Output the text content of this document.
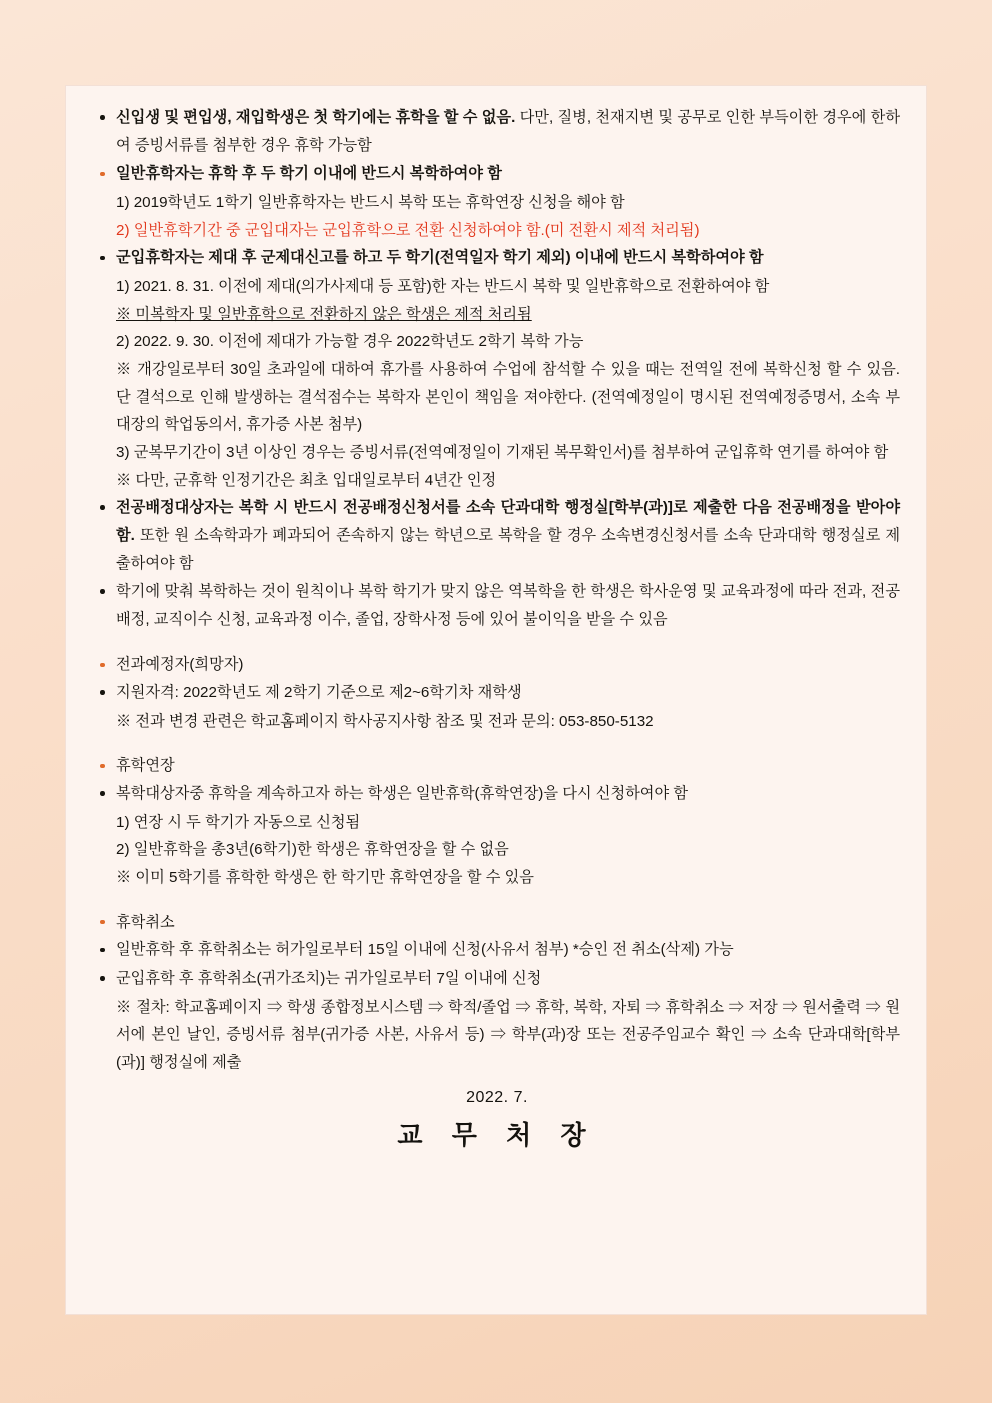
신입생 및 편입생, 재입학생은 첫 학기에는 휴학을 할 수 없음. 다만, 질병, 천재지변 및 공무로 인한 부득이한 경우에 한하여 증빙서류를 첨부한 경우 휴학 가능함
일반휴학자는 휴학 후 두 학기 이내에 반드시 복학하여야 함
1) 2019학년도 1학기 일반휴학자는 반드시 복학 또는 휴학연장 신청을 해야 함
2) 일반휴학기간 중 군입대자는 군입휴학으로 전환 신청하여야 함.(미 전환시 제적 처리됨)
군입휴학자는 제대 후 군제대신고를 하고 두 학기(전역일자 학기 제외) 이내에 반드시 복학하여야 함
1) 2021. 8. 31. 이전에 제대(의가사제대 등 포함)한 자는 반드시 복학 및 일반휴학으로 전환하여야 함
※ 미복학자 및 일반휴학으로 전환하지 않은 학생은 제적 처리됨
2) 2022. 9. 30. 이전에 제대가 가능할 경우 2022학년도 2학기 복학 가능
※ 개강일로부터 30일 초과일에 대하여 휴가를 사용하여 수업에 참석할 수 있을 때는 전역일 전에 복학신청 할 수 있음. 단 결석으로 인해 발생하는 결석점수는 복학자 본인이 책임을 져야한다. (전역예정일이 명시된 전역예정증명서, 소속 부대장의 학업동의서, 휴가증 사본 첨부)
3) 군복무기간이 3년 이상인 경우는 증빙서류(전역예정일이 기재된 복무확인서)를 첨부하여 군입휴학 연기를 하여야 함
※ 다만, 군휴학 인정기간은 최초 입대일로부터 4년간 인정
전공배정대상자는 복학 시 반드시 전공배정신청서를 소속 단과대학 행정실[학부(과)]로 제출한 다음 전공배정을 받아야 함. 또한 원 소속학과가 폐과되어 존속하지 않는 학년으로 복학을 할 경우 소속변경신청서를 소속 단과대학 행정실로 제출하여야 함
학기에 맞춰 복학하는 것이 원칙이나 복학 학기가 맞지 않은 역복학을 한 학생은 학사운영 및 교육과정에 따라 전과, 전공배정, 교직이수 신청, 교육과정 이수, 졸업, 장학사정 등에 있어 불이익을 받을 수 있음
전과예정자(희망자)
지원자격: 2022학년도 제 2학기 기준으로 제2~6학기차 재학생
※ 전과 변경 관련은 학교홈페이지 학사공지사항 참조 및 전과 문의: 053-850-5132
휴학연장
복학대상자중 휴학을 계속하고자 하는 학생은 일반휴학(휴학연장)을 다시 신청하여야 함
1) 연장 시 두 학기가 자동으로 신청됨
2) 일반휴학을 총3년(6학기)한 학생은 휴학연장을 할 수 없음
※ 이미 5학기를 휴학한 학생은 한 학기만 휴학연장을 할 수 있음
휴학취소
일반휴학 후 휴학취소는 허가일로부터 15일 이내에 신청(사유서 첨부) *승인 전 취소(삭제) 가능
군입휴학 후 휴학취소(귀가조치)는 귀가일로부터 7일 이내에 신청
※ 절차: 학교홈페이지 ⇒ 학생 종합정보시스템 ⇒ 학적/졸업 ⇒ 휴학, 복학, 자퇴 ⇒ 휴학취소 ⇒ 저장 ⇒ 원서출력 ⇒ 원서에 본인 날인, 증빙서류 첨부(귀가증 사본, 사유서 등) ⇒ 학부(과)장 또는 전공주임교수 확인 ⇒ 소속 단과대학[학부(과)] 행정실에 제출
2022. 7.
교 무 처 장
